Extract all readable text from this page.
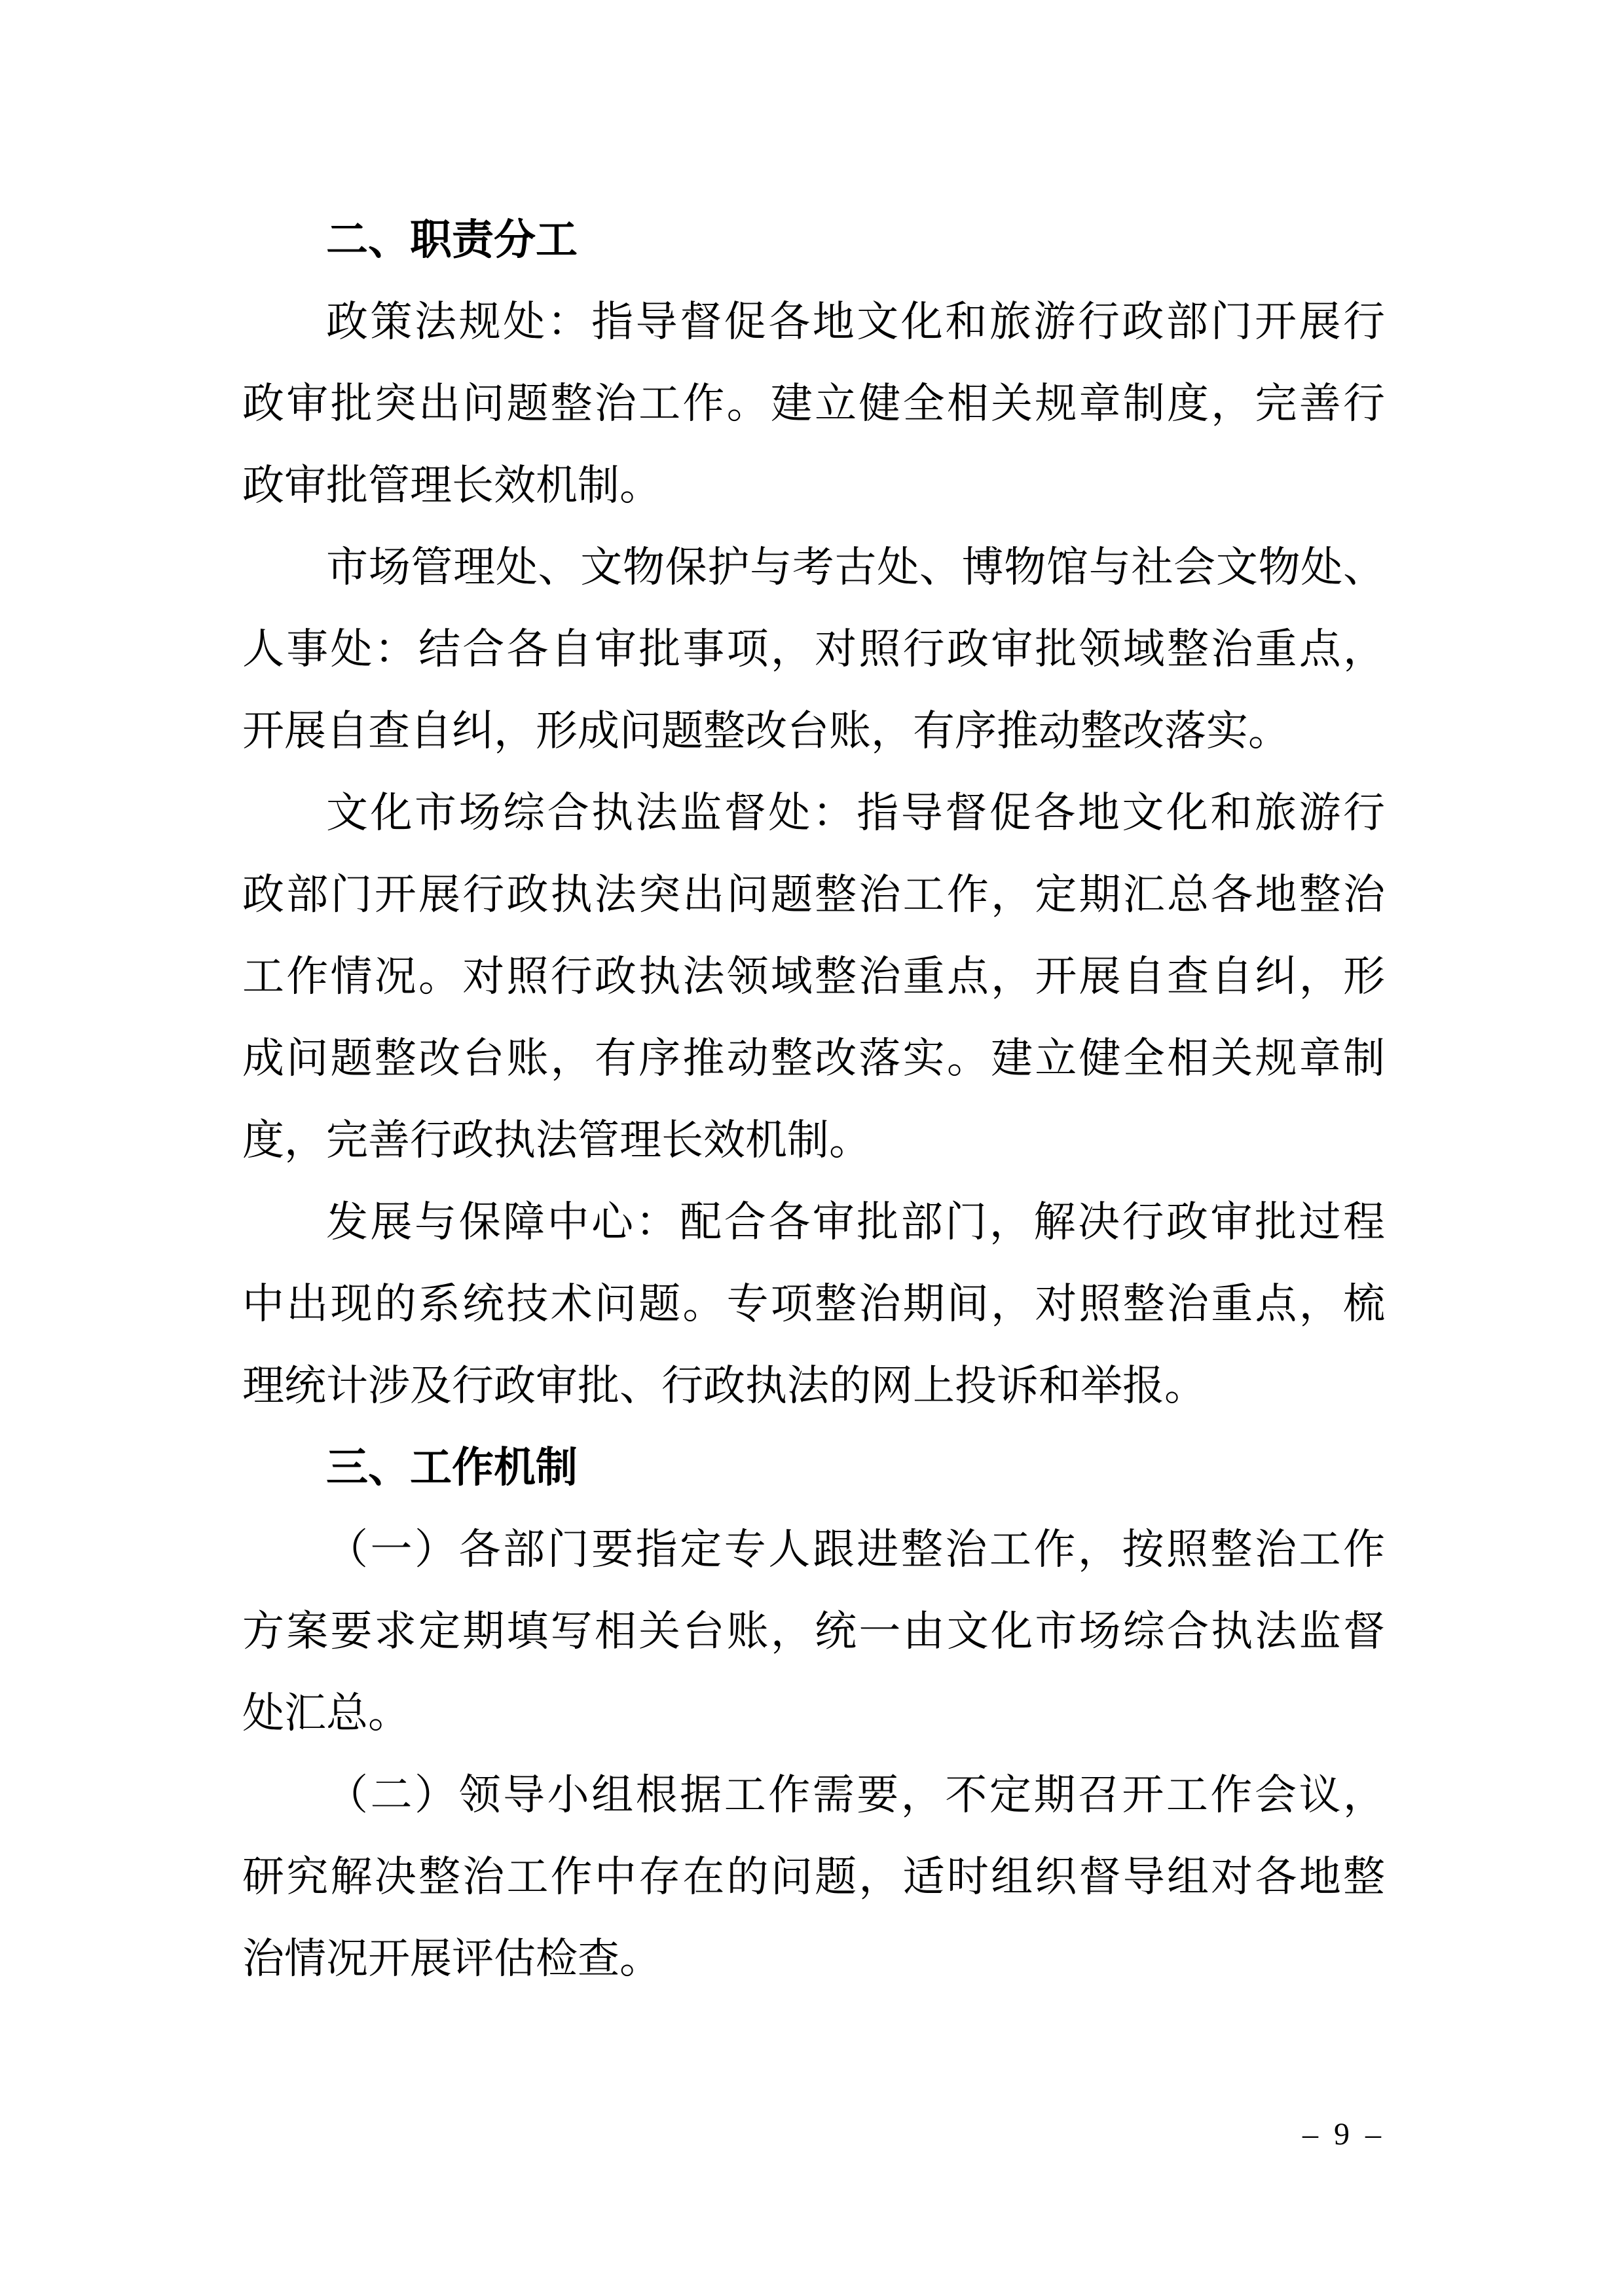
二、职责分工
政策法规处：指导督促各地文化和旅游行政部门开展行
政审批突出问题整治工作。建立健全相关规章制度，完善行
政审批管理长效机制。
市场管理处、文物保护与考古处、博物馆与社会文物处、
人事处：结合各自审批事项，对照行政审批领域整治重点，
开展自查自纠，形成问题整改台账，有序推动整改落实。
文化市场综合执法监督处：指导督促各地文化和旅游行
政部门开展行政执法突出问题整治工作，定期汇总各地整治
工作情况。对照行政执法领域整治重点，开展自查自纠，形
成问题整改台账，有序推动整改落实。建立健全相关规章制
度，完善行政执法管理长效机制。
发展与保障中心：配合各审批部门，解决行政审批过程
中出现的系统技术问题。专项整治期间，对照整治重点，梳
理统计涉及行政审批、行政执法的网上投诉和举报。
三、工作机制
（一）各部门要指定专人跟进整治工作，按照整治工作
方案要求定期填写相关台账，统一由文化市场综合执法监督
处汇总。
（二）领导小组根据工作需要，不定期召开工作会议，
研究解决整治工作中存在的问题，适时组织督导组对各地整
治情况开展评估检查。
– 9 –
